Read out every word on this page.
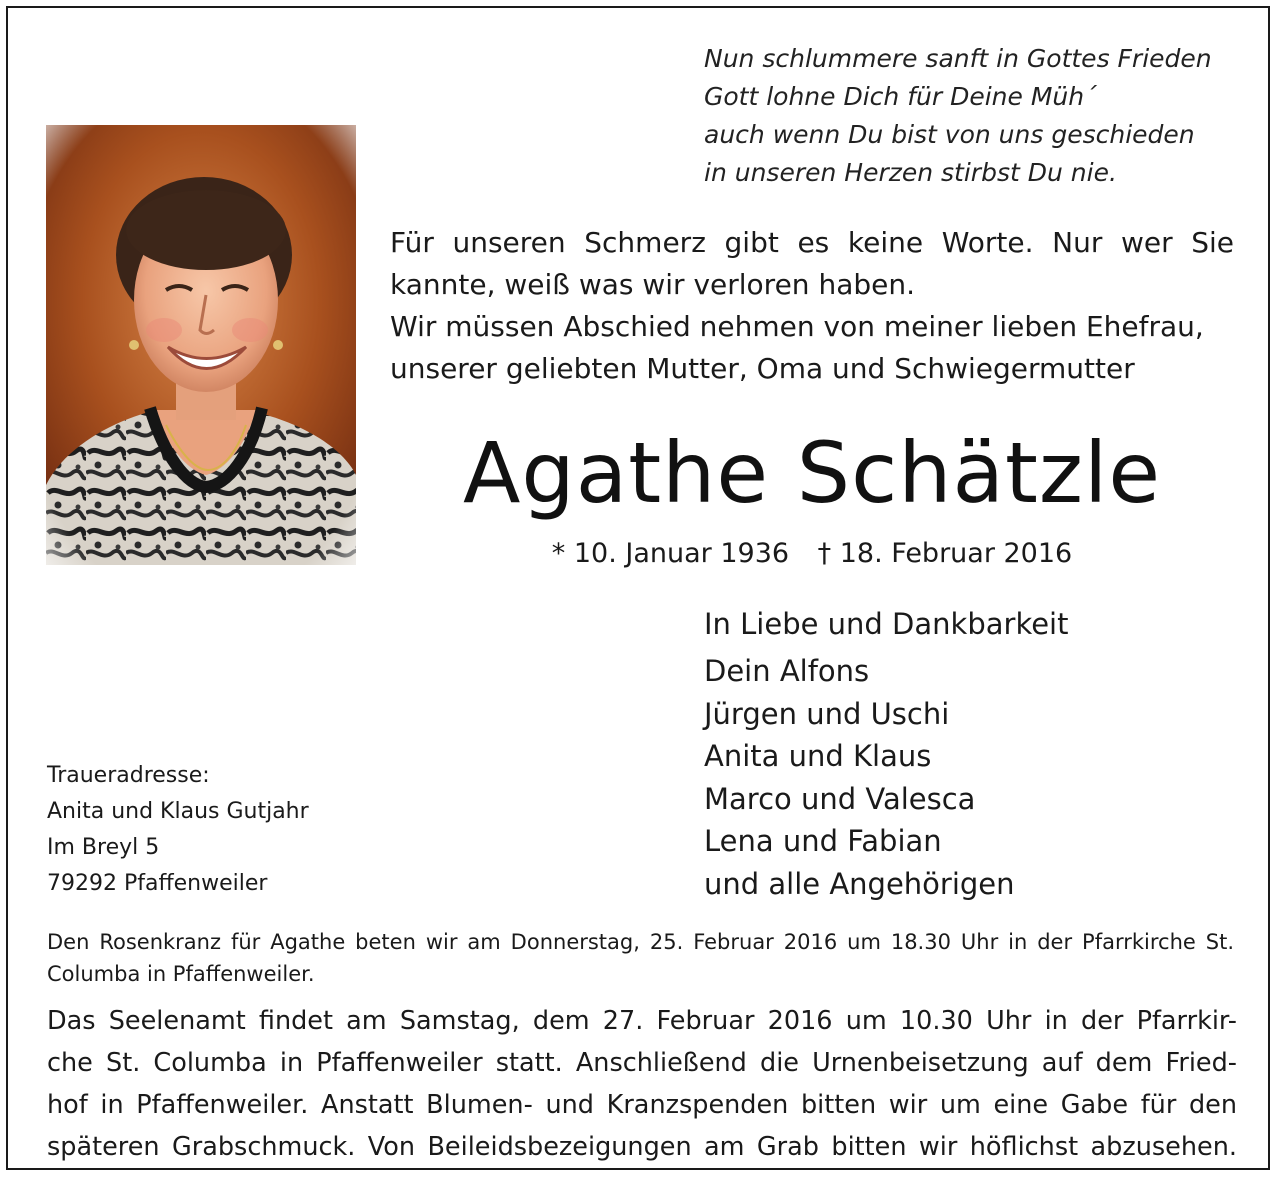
Nun schlummere sanft in Gottes Frieden
Gott lohne Dich für Deine Müh´
auch wenn Du bist von uns geschieden
in unseren Herzen stirbst Du nie.
Für unseren Schmerz gibt es keine Worte. Nur wer Sie kannte, weiß was wir verloren haben.
Wir müssen Abschied nehmen von meiner lieben Ehefrau,
unserer geliebten Mutter, Oma und Schwiegermutter
Agathe Schätzle
* 10. Januar 1936 † 18. Februar 2016
In Liebe und Dankbarkeit
Dein Alfons
Jürgen und Uschi
Anita und Klaus
Marco und Valesca
Lena und Fabian
und alle Angehörigen
Traueradresse:
Anita und Klaus Gutjahr
Im Breyl 5
79292 Pfaffenweiler
Den Rosenkranz für Agathe beten wir am Donnerstag, 25. Februar 2016 um 18.30 Uhr in der Pfarrkirche St. Columba in Pfaffenweiler.
Das Seelenamt findet am Samstag, dem 27. Februar 2016 um 10.30 Uhr in der Pfarrkir-
che St. Columba in Pfaffenweiler statt. Anschließend die Urnenbeisetzung auf dem Fried-
hof in Pfaffenweiler. Anstatt Blumen- und Kranzspenden bitten wir um eine Gabe für den
späteren Grabschmuck. Von Beileidsbezeigungen am Grab bitten wir höflichst abzusehen.
